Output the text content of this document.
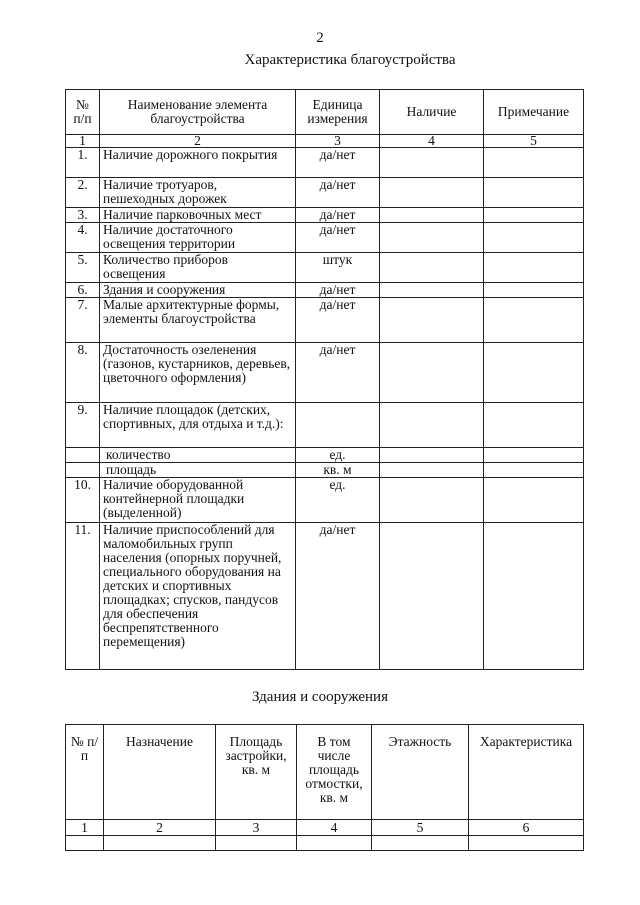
2
Характеристика благоустройства
№ п/п	Наименование элемента благоустройства	Единица измерения	Наличие	Примечание
1	2	3	4	5
1.	Наличие дорожного покрытия	да/нет		
2.	Наличие тротуаров, пешеходных дорожек	да/нет		
3.	Наличие парковочных мест	да/нет		
4.	Наличие достаточного освещения территории	да/нет		
5.	Количество приборов освещения	штук		
6.	Здания и сооружения	да/нет		
7.	Малые архитектурные формы, элементы благоустройства	да/нет		
8.	Достаточность озеленения (газонов, кустарников, деревьев, цветочного оформления)	да/нет		
9.	Наличие площадок (детских, спортивных, для отдыха и т.д.):			
	количество	ед.		
	площадь	кв. м		
10.	Наличие оборудованной контейнерной площадки (выделенной)	ед.		
11.	Наличие приспособлений для маломобильных групп населения (опорных поручней, специального оборудования на детских и спортивных площадках; спусков, пандусов для обеспечения беспрепятственного перемещения)	да/нет		
Здания и сооружения
№ п/п	Назначение	Площадь застройки, кв. м	В том числе площадь отмостки, кв. м	Этажность	Характеристика
1	2	3	4	5	6
